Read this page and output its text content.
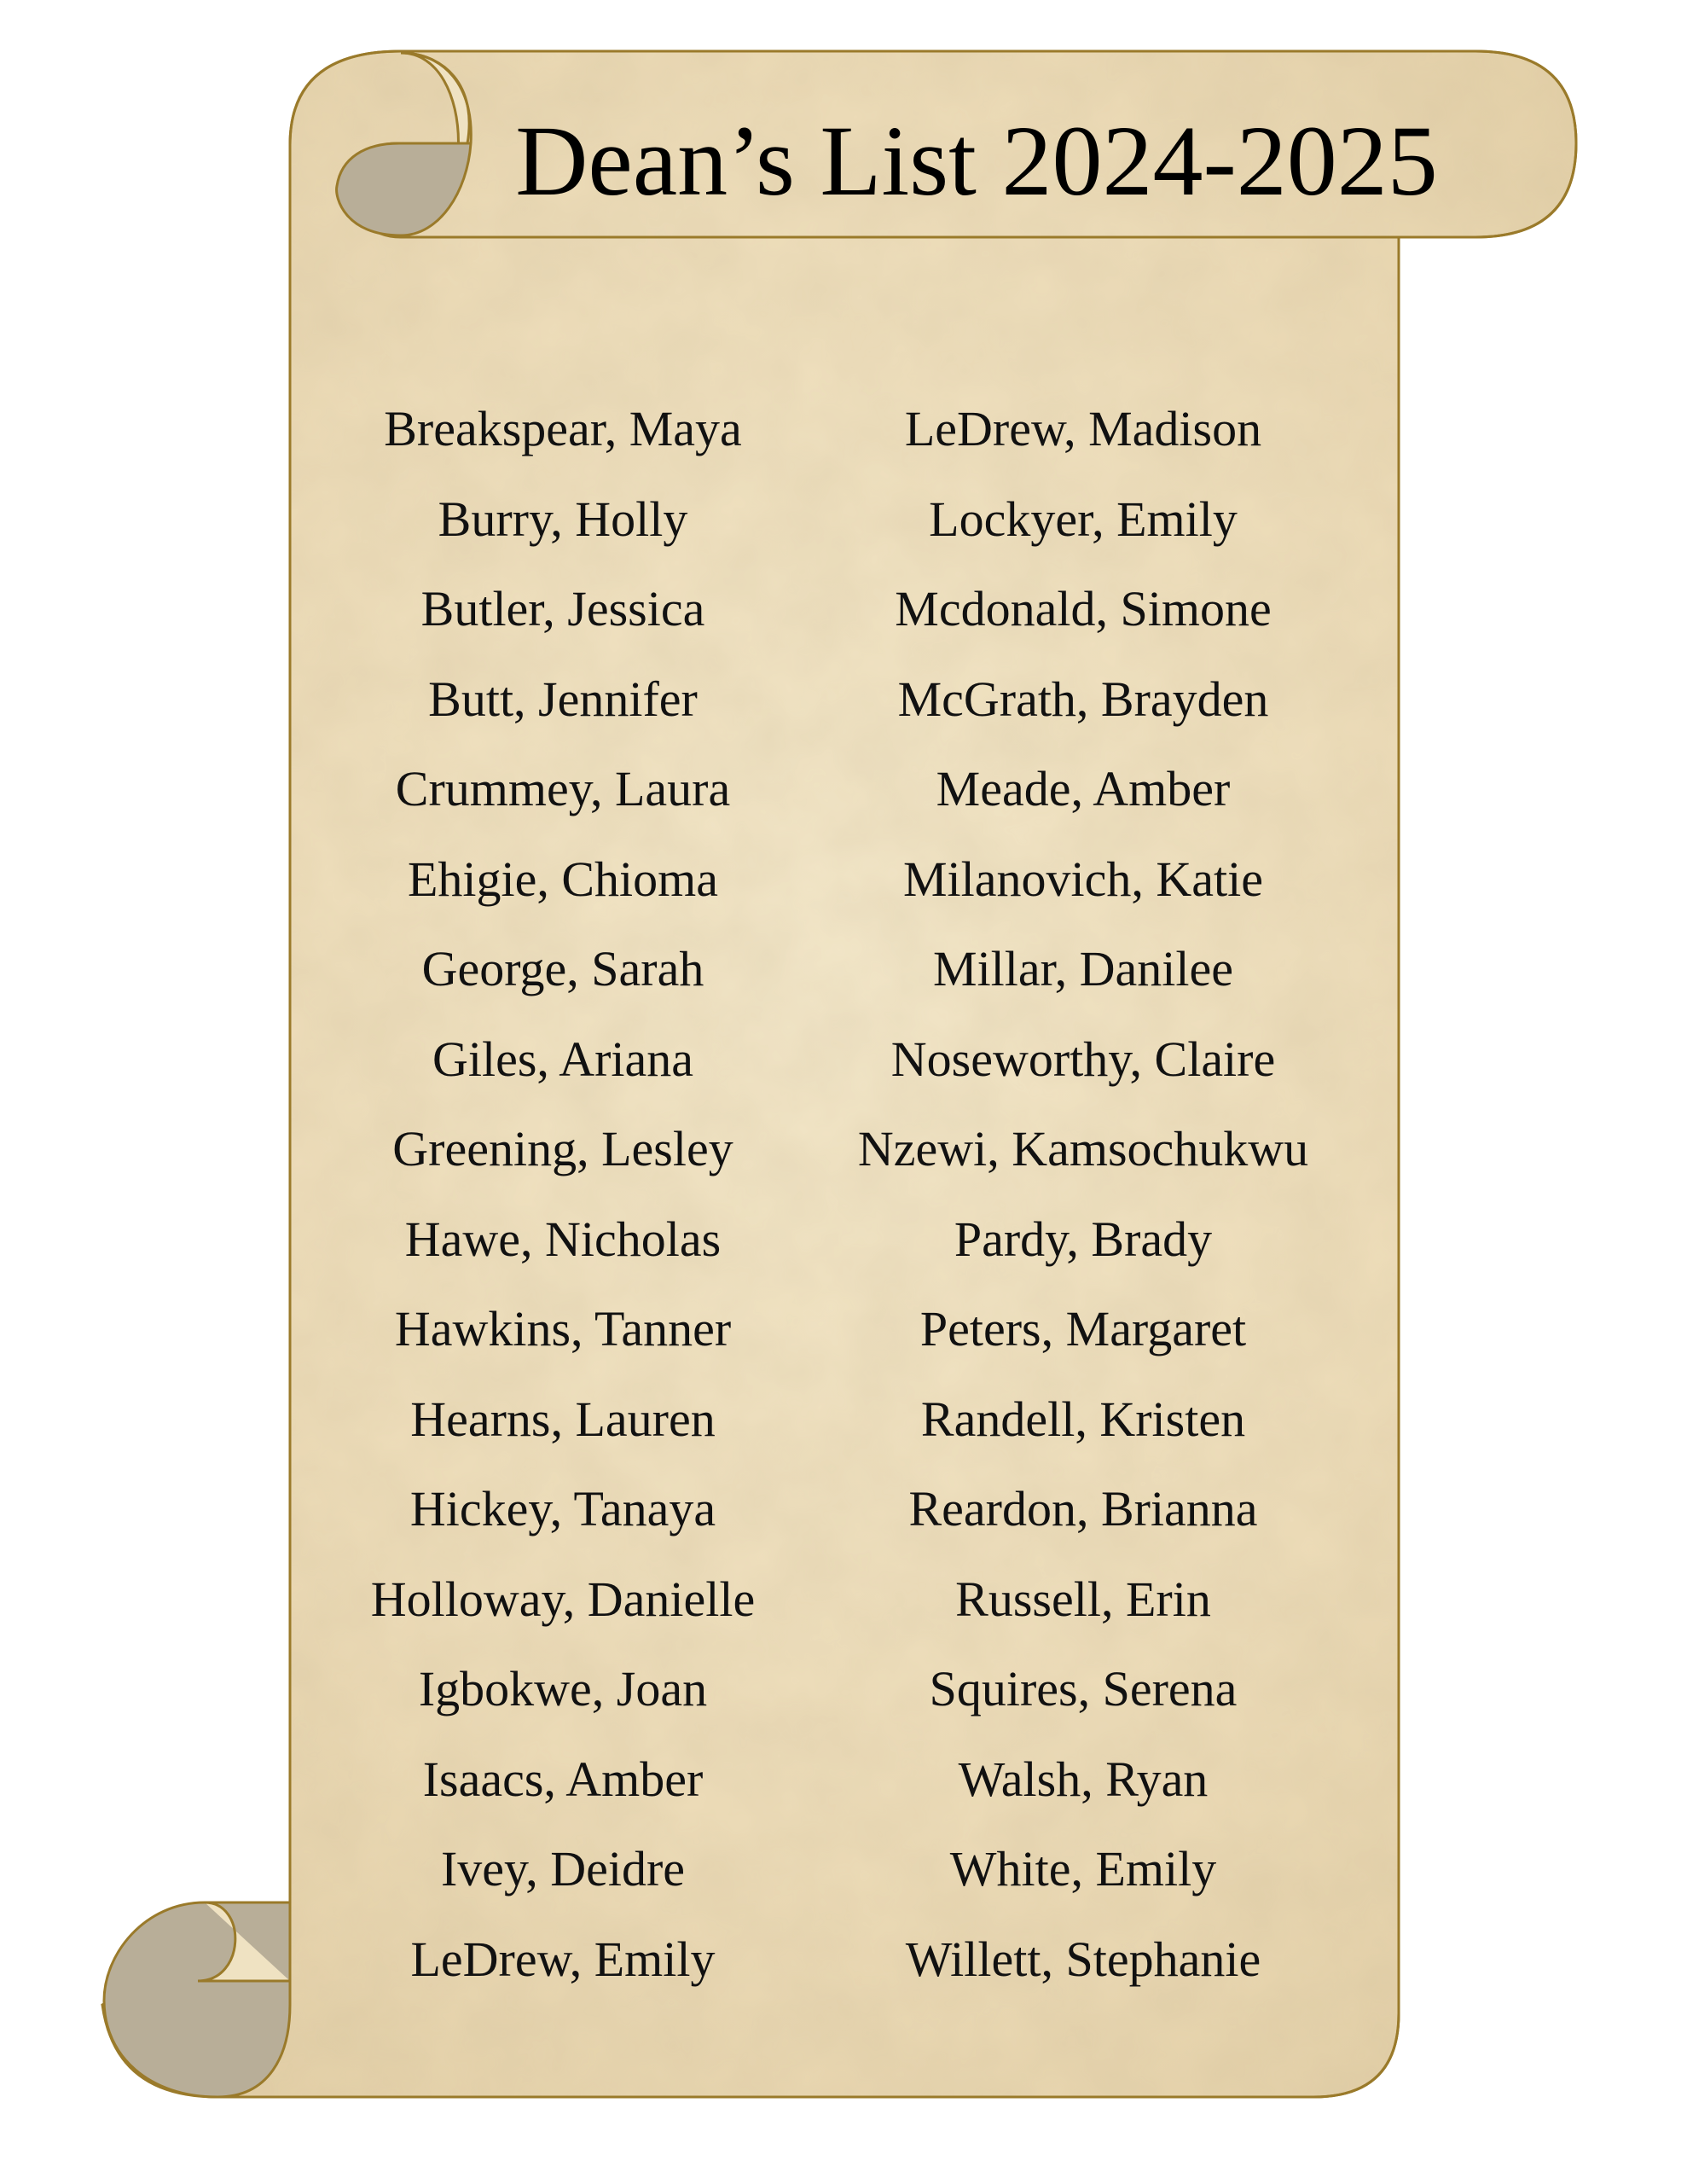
Dean’s List 2024-2025
Breakspear, Maya
Burry, Holly
Butler, Jessica
Butt, Jennifer
Crummey, Laura
Ehigie, Chioma
George, Sarah
Giles, Ariana
Greening, Lesley
Hawe, Nicholas
Hawkins, Tanner
Hearns, Lauren
Hickey, Tanaya
Holloway, Danielle
Igbokwe, Joan
Isaacs, Amber
Ivey, Deidre
LeDrew, Emily
LeDrew, Madison
Lockyer, Emily
Mcdonald, Simone
McGrath, Brayden
Meade, Amber
Milanovich, Katie
Millar, Danilee
Noseworthy, Claire
Nzewi, Kamsochukwu
Pardy, Brady
Peters, Margaret
Randell, Kristen
Reardon, Brianna
Russell, Erin
Squires, Serena
Walsh, Ryan
White, Emily
Willett, Stephanie
